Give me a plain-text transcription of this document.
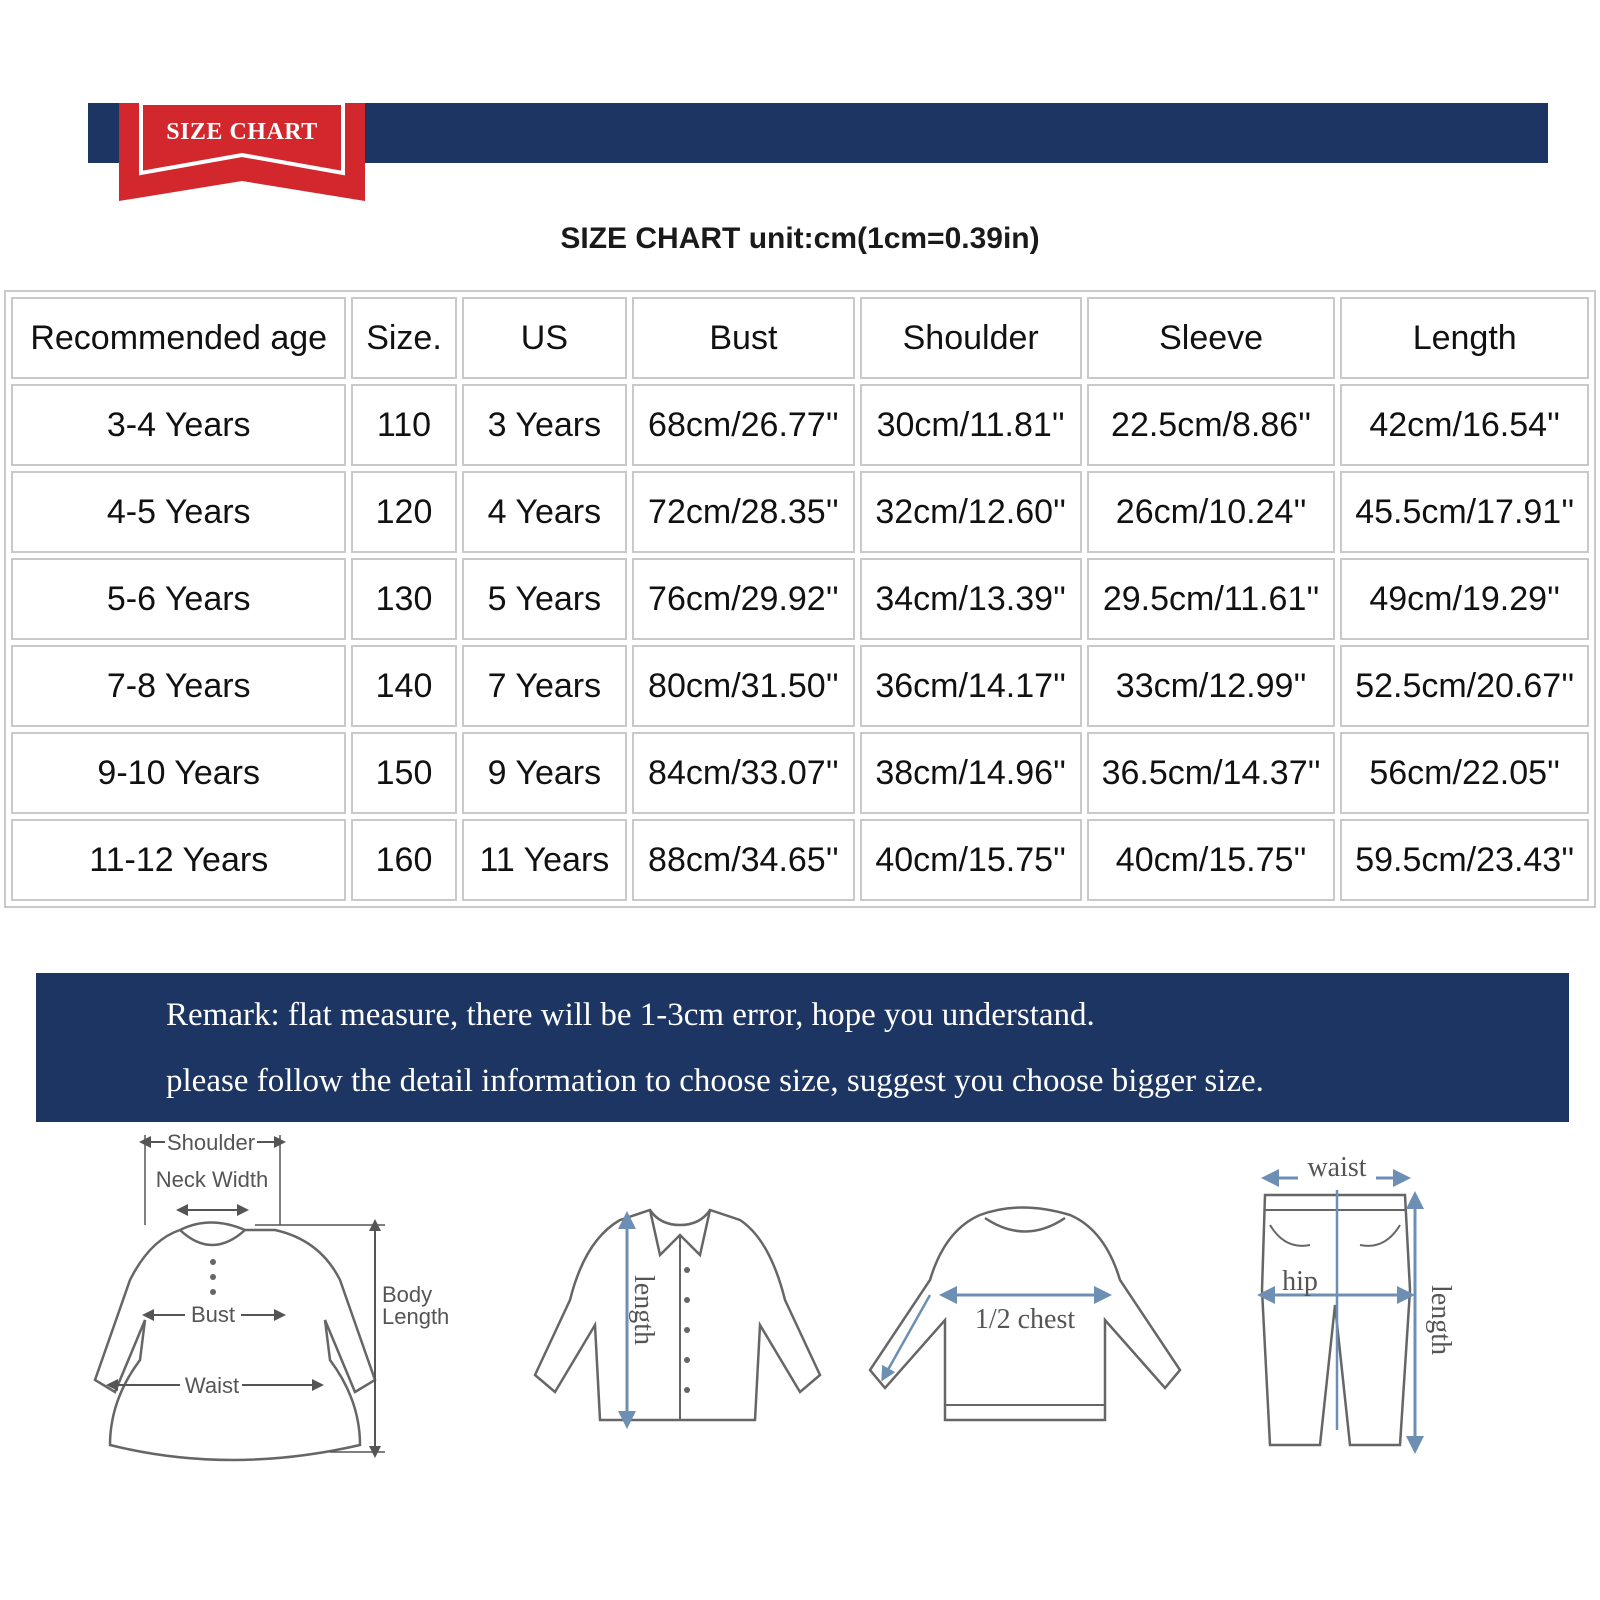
SIZE CHART
SIZE CHART unit:cm(1cm=0.39in)
Recommended age	Size.	US	Bust	Shoulder	Sleeve	Length
3-4 Years	110	3 Years	68cm/26.77''	30cm/11.81''	22.5cm/8.86''	42cm/16.54''
4-5 Years	120	4 Years	72cm/28.35''	32cm/12.60''	26cm/10.24''	45.5cm/17.91''
5-6 Years	130	5 Years	76cm/29.92''	34cm/13.39''	29.5cm/11.61''	49cm/19.29''
7-8 Years	140	7 Years	80cm/31.50''	36cm/14.17''	33cm/12.99''	52.5cm/20.67''
9-10 Years	150	9 Years	84cm/33.07''	38cm/14.96''	36.5cm/14.37''	56cm/22.05''
11-12 Years	160	11 Years	88cm/34.65''	40cm/15.75''	40cm/15.75''	59.5cm/23.43''
Remark: flat measure, there will be 1-3cm error, hope you understand.
please follow the detail information to choose size, suggest you choose bigger size.
Shoulder
Neck Width
Bust
Waist
Body
Length	length	1/2 chest
waist
hip
length
